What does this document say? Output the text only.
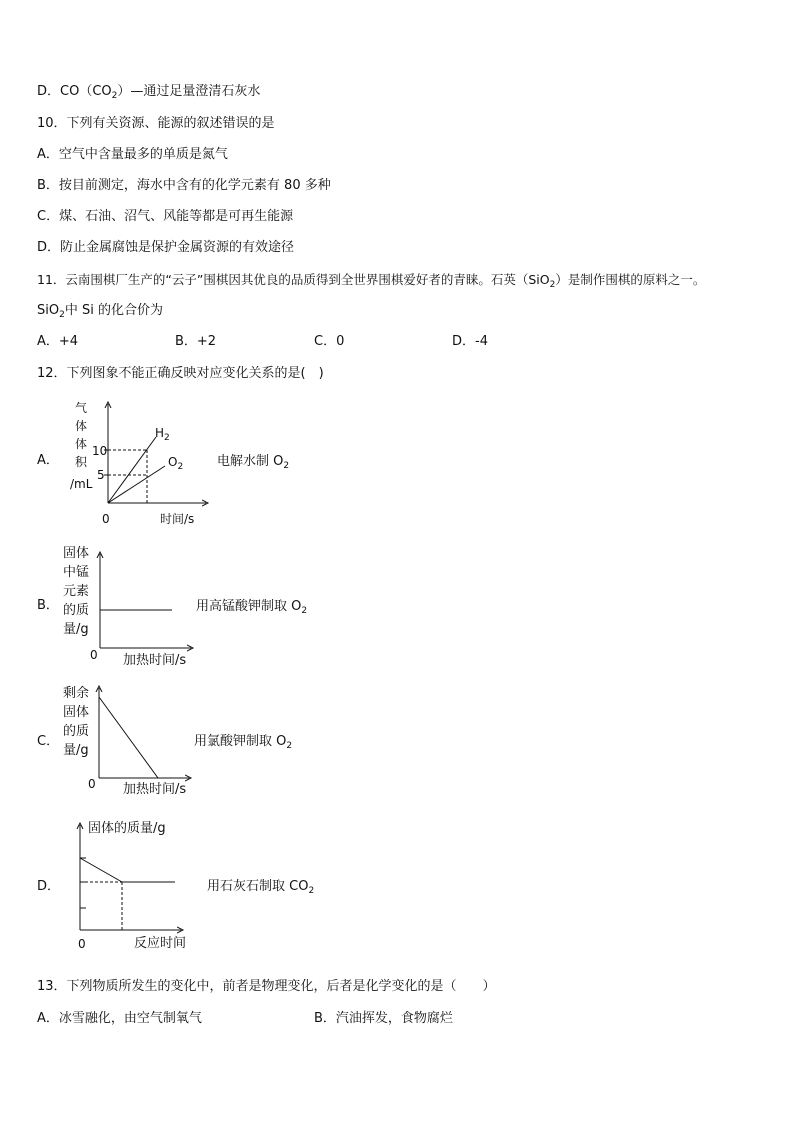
D．$CO(CO_2)—$通过足量澄清石灰水
10．下列有关资源、能源的叙述错误的是
A．空气中含量最多的单质是氮气
B．按目前测定，海水中含有的化学元素有 80 多种
C．煤、石油、沼气、风能等都是可再生能源
D．防止金属腐蚀是保护金属资源的有效途径
11．云南围棋厂生产的“云子”围棋因其优良的品质得到全世界围棋爱好者的青睐。石英（SiO$_2$）是制作围棋的原料之一。
SiO$_2$中 Si 的化合价为
A．+4	B．+2	C．0	D．-4
12．下列图象不能正确反映对应变化关系的是(　)
A．
气
体
体
积
/mL
10
5
0	时间/s
$H_2$
$O_2$	电解水制 $O_2$
B．
固体
中锰
元素
的质
量/g
0 加热时间/s
用高锰酸钾制取 $O_2$
C．
剩余
固体
的质
量/g
0 加热时间/s
用氯酸钾制取 $O_2$
D．
固体的质量/g
0	反应时间
用石灰石制取 $CO_2$
13．下列物质所发生的变化中，前者是物理变化，后者是化学变化的是（　　）
A．冰雪融化，由空气制氧气	B．汽油挥发，食物腐烂
